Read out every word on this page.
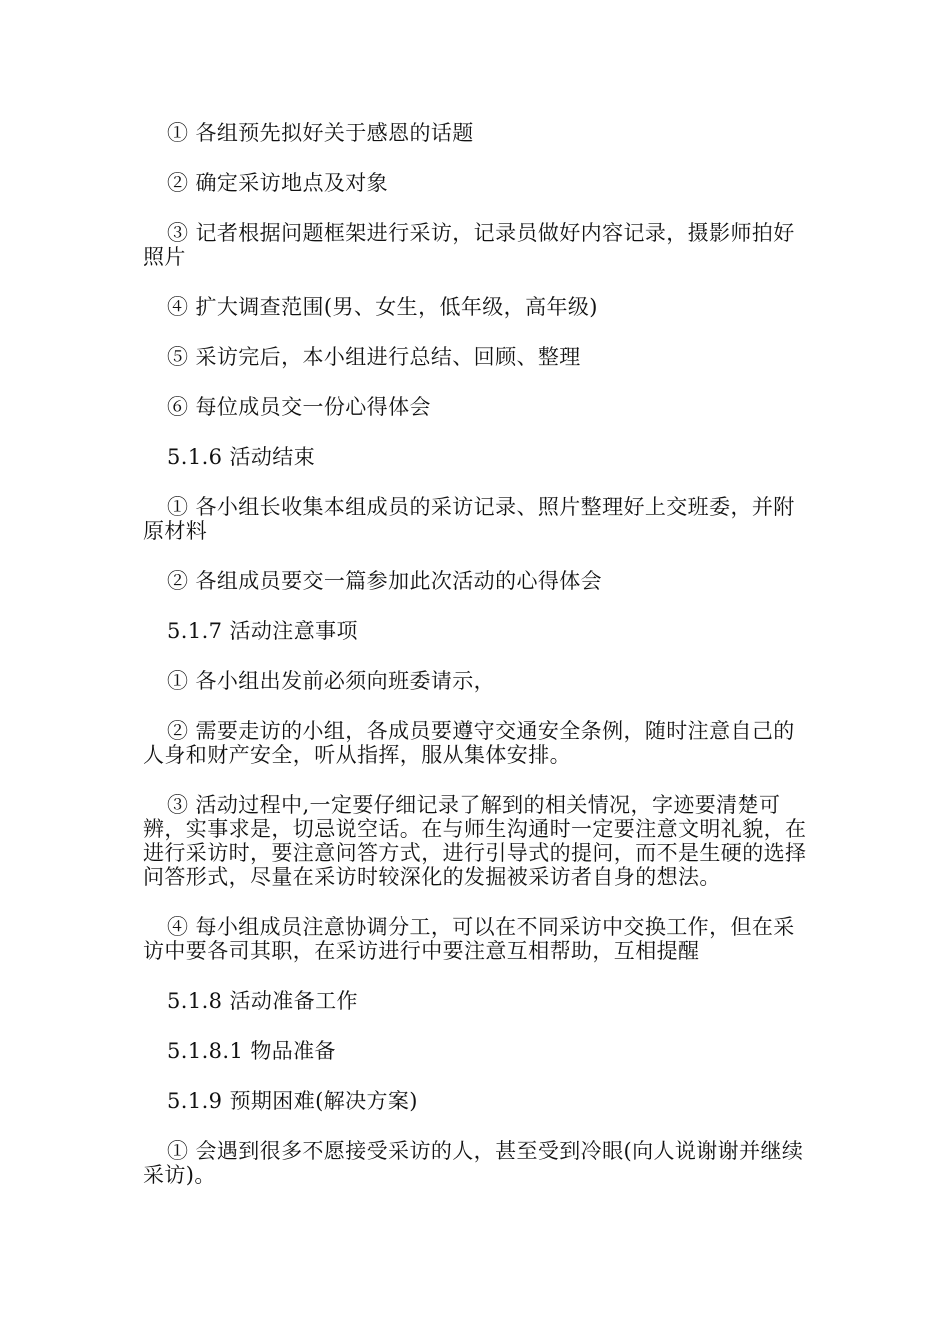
① 各组预先拟好关于感恩的话题

② 确定采访地点及对象

③ 记者根据问题框架进行采访，记录员做好内容记录，摄影师拍好照片

④ 扩大调查范围(男、女生，低年级，高年级)

⑤ 采访完后，本小组进行总结、回顾、整理

⑥ 每位成员交一份心得体会

5.1.6 活动结束

① 各小组长收集本组成员的采访记录、照片整理好上交班委，并附原材料

② 各组成员要交一篇参加此次活动的心得体会

5.1.7 活动注意事项

① 各小组出发前必须向班委请示，

② 需要走访的小组，各成员要遵守交通安全条例，随时注意自己的人身和财产安全，听从指挥，服从集体安排。

③ 活动过程中,一定要仔细记录了解到的相关情况，字迹要清楚可辨，实事求是，切忌说空话。在与师生沟通时一定要注意文明礼貌，在进行采访时，要注意问答方式，进行引导式的提问，而不是生硬的选择问答形式，尽量在采访时较深化的发掘被采访者自身的想法。

④ 每小组成员注意协调分工，可以在不同采访中交换工作，但在采访中要各司其职，在采访进行中要注意互相帮助，互相提醒

5.1.8 活动准备工作

5.1.8.1 物品准备

5.1.9 预期困难(解决方案)

① 会遇到很多不愿接受采访的人，甚至受到冷眼(向人说谢谢并继续采访)。
